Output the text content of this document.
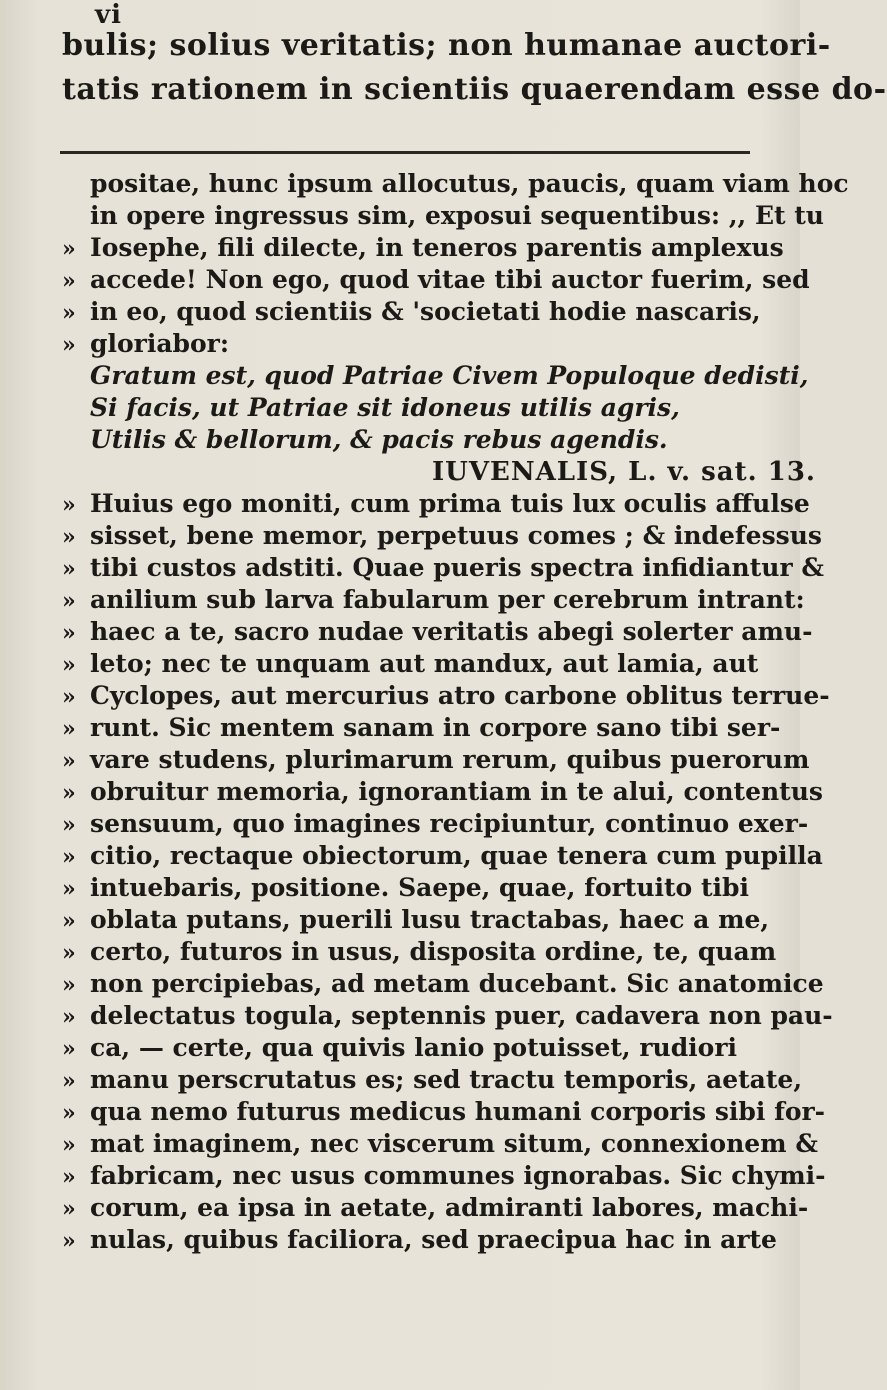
vi
bulis; solius veritatis; non humanae auctori-
tatis rationem in scientiis quaerendam esse do-
positae, hunc ipsum allocutus, paucis, quam viam hoc
in opere ingressus sim, exposui sequentibus: ,, Et tu
» Iosephe, fili dilecte, in teneros parentis amplexus
» accede! Non ego, quod vitae tibi auctor fuerim, sed
» in eo, quod scientiis & 'societati hodie nascaris,
» gloriabor:
Gratum est, quod Patriae Civem Populoque dedisti,
Si facis, ut Patriae sit idoneus utilis agris,
Utilis & bellorum, & pacis rebus agendis.
IUVENALIS, L. v. sat. 13.
» Huius ego moniti, cum prima tuis lux oculis affulse
» sisset, bene memor, perpetuus comes ; & indefessus
» tibi custos adstiti. Quae pueris spectra infidiantur &
» anilium sub larva fabularum per cerebrum intrant:
» haec a te, sacro nudae veritatis abegi solerter amu-
» leto; nec te unquam aut mandux, aut lamia, aut
» Cyclopes, aut mercurius atro carbone oblitus terrue-
» runt. Sic mentem sanam in corpore sano tibi ser-
» vare studens, plurimarum rerum, quibus puerorum
» obruitur memoria, ignorantiam in te alui, contentus
» sensuum, quo imagines recipiuntur, continuo exer-
» citio, rectaque obiectorum, quae tenera cum pupilla
» intuebaris, positione. Saepe, quae, fortuito tibi
» oblata putans, puerili lusu tractabas, haec a me,
» certo, futuros in usus, disposita ordine, te, quam
» non percipiebas, ad metam ducebant. Sic anatomice
» delectatus togula, septennis puer, cadavera non pau-
» ca, — certe, qua quivis lanio potuisset, rudiori
» manu perscrutatus es; sed tractu temporis, aetate,
» qua nemo futurus medicus humani corporis sibi for-
» mat imaginem, nec viscerum situm, connexionem &
» fabricam, nec usus communes ignorabas. Sic chymi-
» corum, ea ipsa in aetate, admiranti labores, machi-
» nulas, quibus faciliora, sed praecipua hac in arte
